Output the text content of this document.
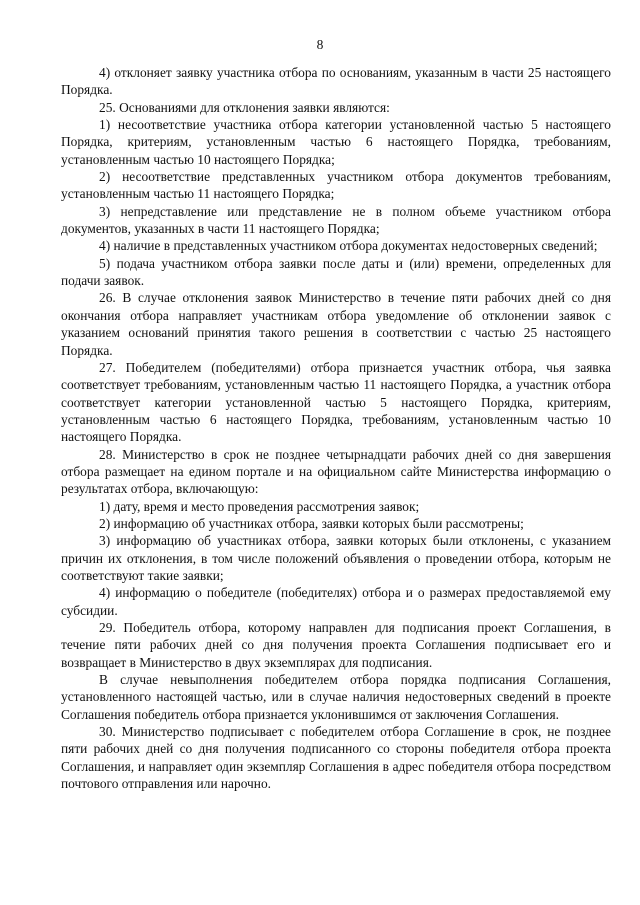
8

4) отклоняет заявку участника отбора по основаниям, указанным в части 25 настоящего Порядка.

25. Основаниями для отклонения заявки являются:

1) несоответствие участника отбора категории установленной частью 5 настоящего Порядка, критериям, установленным частью 6 настоящего Порядка, требованиям, установленным частью 10 настоящего Порядка;

2) несоответствие представленных участником отбора документов требованиям, установленным частью 11 настоящего Порядка;

3) непредставление или представление не в полном объеме участником отбора документов, указанных в части 11 настоящего Порядка;

4) наличие в представленных участником отбора документах недостоверных сведений;

5) подача участником отбора заявки после даты и (или) времени, определенных для подачи заявок.

26. В случае отклонения заявок Министерство в течение пяти рабочих дней со дня окончания отбора направляет участникам отбора уведомление об отклонении заявок с указанием оснований принятия такого решения в соответствии с частью 25 настоящего Порядка.

27. Победителем (победителями) отбора признается участник отбора, чья заявка соответствует требованиям, установленным частью 11 настоящего Порядка, а участник отбора соответствует категории установленной частью 5 настоящего Порядка, критериям, установленным частью 6 настоящего Порядка, требованиям, установленным частью 10 настоящего Порядка.

28. Министерство в срок не позднее четырнадцати рабочих дней со дня завершения отбора размещает на едином портале и на официальном сайте Министерства информацию о результатах отбора, включающую:

1) дату, время и место проведения рассмотрения заявок;

2) информацию об участниках отбора, заявки которых были рассмотрены;

3) информацию об участниках отбора, заявки которых были отклонены, с указанием причин их отклонения, в том числе положений объявления о проведении отбора, которым не соответствуют такие заявки;

4) информацию о победителе (победителях) отбора и о размерах предоставляемой ему субсидии.

29. Победитель отбора, которому направлен для подписания проект Соглашения, в течение пяти рабочих дней со дня получения проекта Соглашения подписывает его и возвращает в Министерство в двух экземплярах для подписания.

В случае невыполнения победителем отбора порядка подписания Соглашения, установленного настоящей частью, или в случае наличия недостоверных сведений в проекте Соглашения победитель отбора признается уклонившимся от заключения Соглашения.

30. Министерство подписывает с победителем отбора Соглашение в срок, не позднее пяти рабочих дней со дня получения подписанного со стороны победителя отбора проекта Соглашения, и направляет один экземпляр Соглашения в адрес победителя отбора посредством почтового отправления или нарочно.
